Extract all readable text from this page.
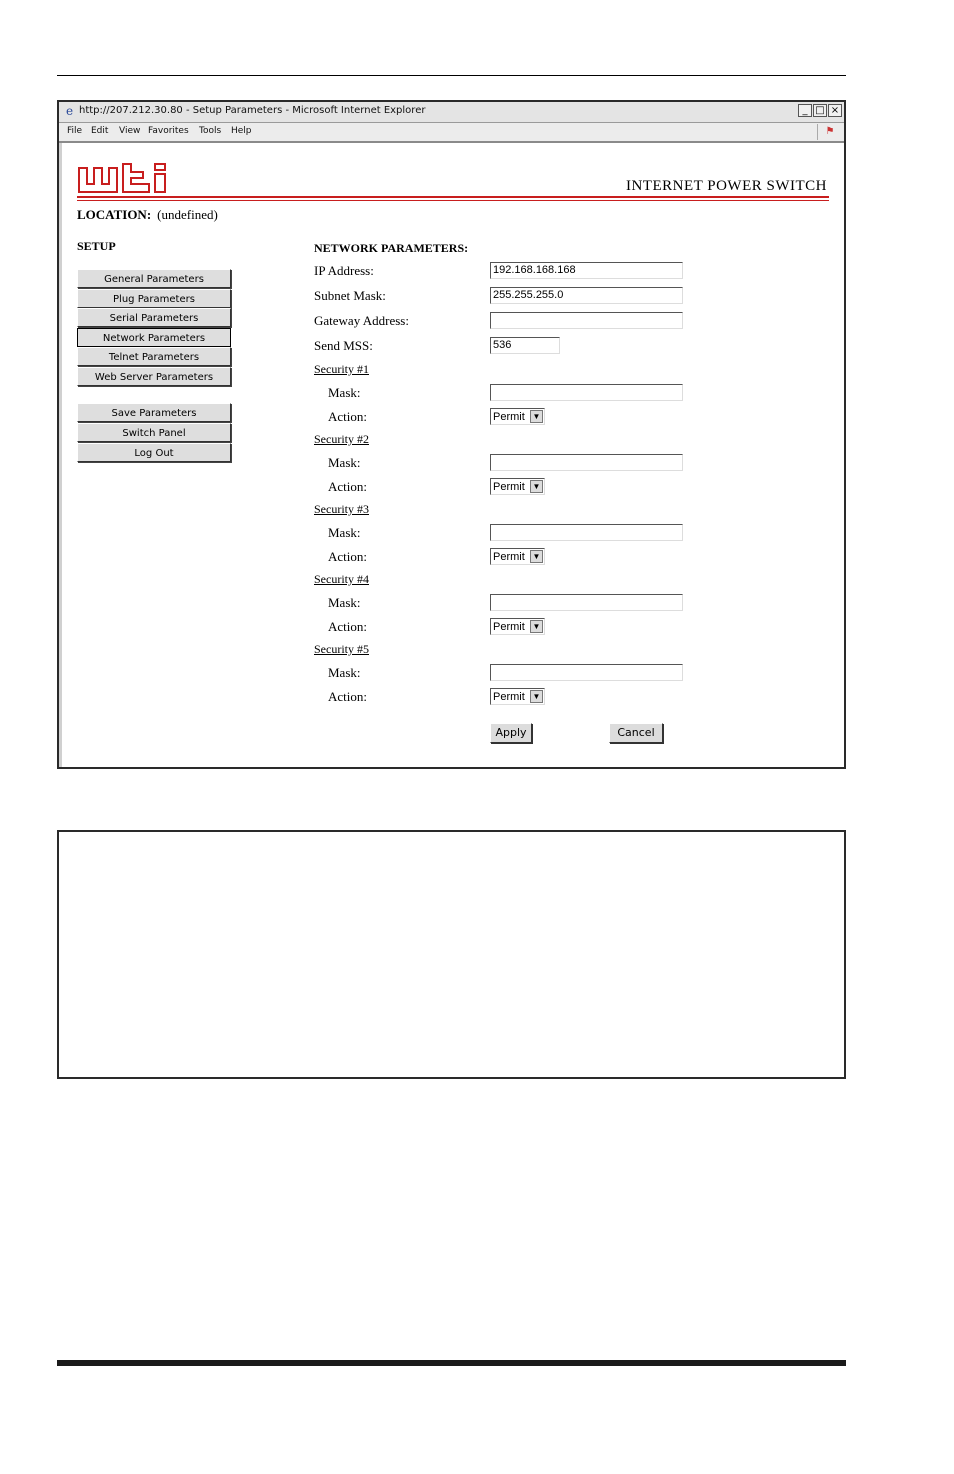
e http://207.212.30.80 - Setup Parameters - Microsoft Internet Explorer	_ □ ×
File Edit View Favorites Tools Help	⚑
INTERNET POWER SWITCH
LOCATION: (undefined)
SETUP
General Parameters
Plug Parameters
Serial Parameters
Network Parameters
Telnet Parameters
Web Server Parameters
Save Parameters
Switch Panel
Log Out
NETWORK PARAMETERS:
IP Address:	192.168.168.168
Subnet Mask:	255.255.255.0
Gateway Address:
Send MSS:	536
Security #1
Mask:
Action:	Permit ▼
Security #2
Mask:
Action:	Permit ▼
Security #3
Mask:
Action:	Permit ▼
Security #4
Mask:
Action:	Permit ▼
Security #5
Mask:
Action:	Permit ▼
Apply	Cancel
